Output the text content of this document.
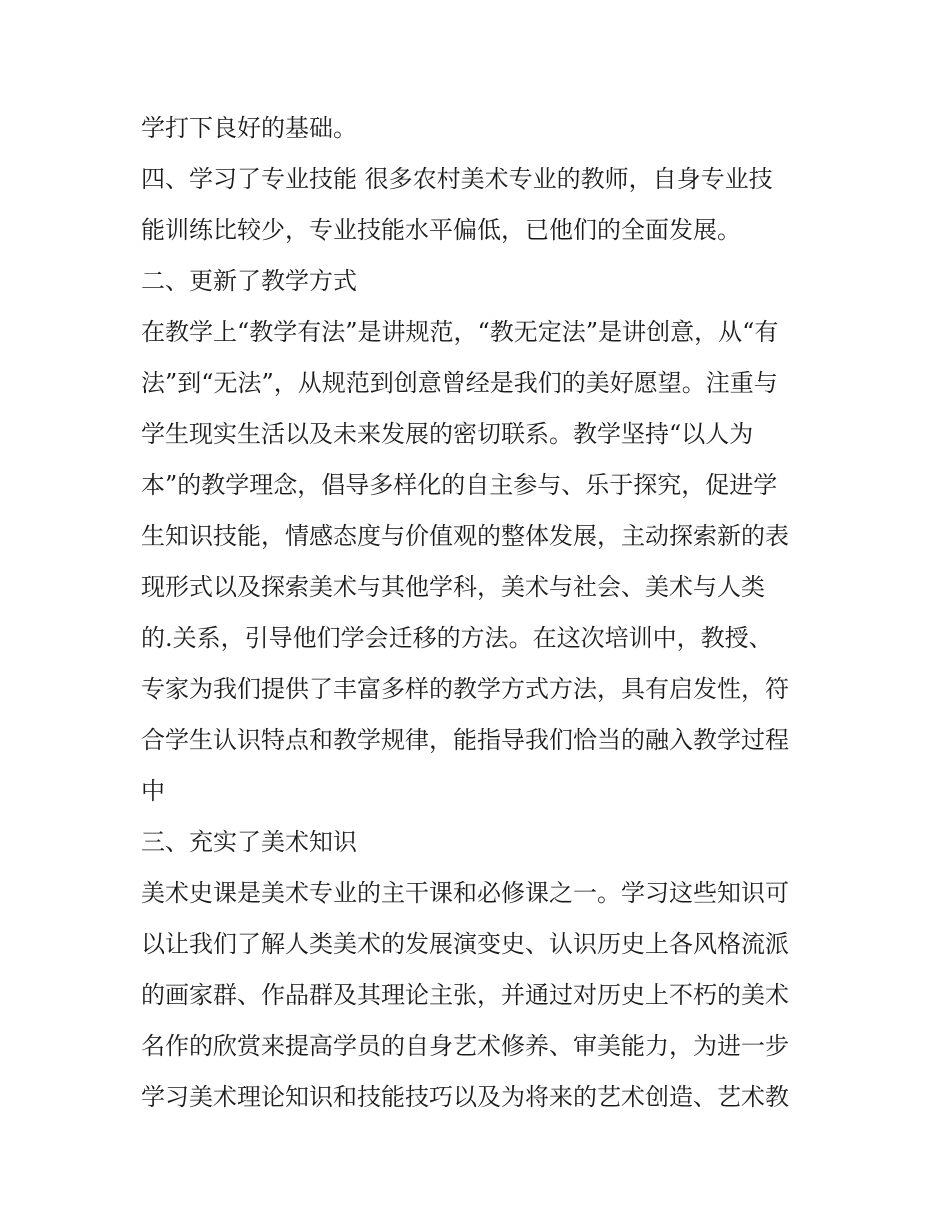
学打下良好的基础。

四、学习了专业技能 很多农村美术专业的教师，自身专业技

能训练比较少，专业技能水平偏低，已他们的全面发展。

二、更新了教学方式

在教学上“教学有法”是讲规范，“教无定法”是讲创意，从“有

法”到“无法”，从规范到创意曾经是我们的美好愿望。注重与

学生现实生活以及未来发展的密切联系。教学坚持“以人为

本”的教学理念，倡导多样化的自主参与、乐于探究，促进学

生知识技能，情感态度与价值观的整体发展，主动探索新的表

现形式以及探索美术与其他学科，美术与社会、美术与人类

的.关系，引导他们学会迁移的方法。在这次培训中，教授、

专家为我们提供了丰富多样的教学方式方法，具有启发性，符

合学生认识特点和教学规律，能指导我们恰当的融入教学过程

中

三、充实了美术知识

美术史课是美术专业的主干课和必修课之一。学习这些知识可

以让我们了解人类美术的发展演变史、认识历史上各风格流派

的画家群、作品群及其理论主张，并通过对历史上不朽的美术

名作的欣赏来提高学员的自身艺术修养、审美能力，为进一步

学习美术理论知识和技能技巧以及为将来的艺术创造、艺术教
